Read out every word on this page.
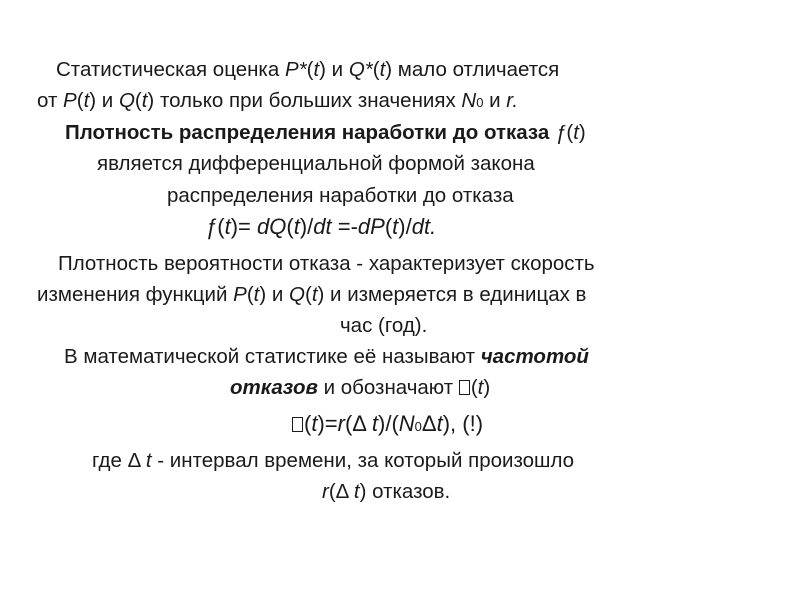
Статистическая оценка P*(t) и Q*(t) мало отличается
от P(t) и Q(t) только при больших значениях N0 и r.
Плотность распределения наработки до отказа ƒ(t)
является дифференциальной формой закона
распределения наработки до отказа
ƒ(t)= dQ(t)/dt =-dP(t)/dt.
Плотность вероятности отказа - характеризует скорость
изменения функций P(t) и Q(t) и измеряется в единицах в
час (год).
В математической статистике её называют частотой
отказов и обозначают (t)
(t)=r(Δ t)/(N0Δt), (!)
где Δ t - интервал времени, за который произошло
r(Δ t) отказов.
